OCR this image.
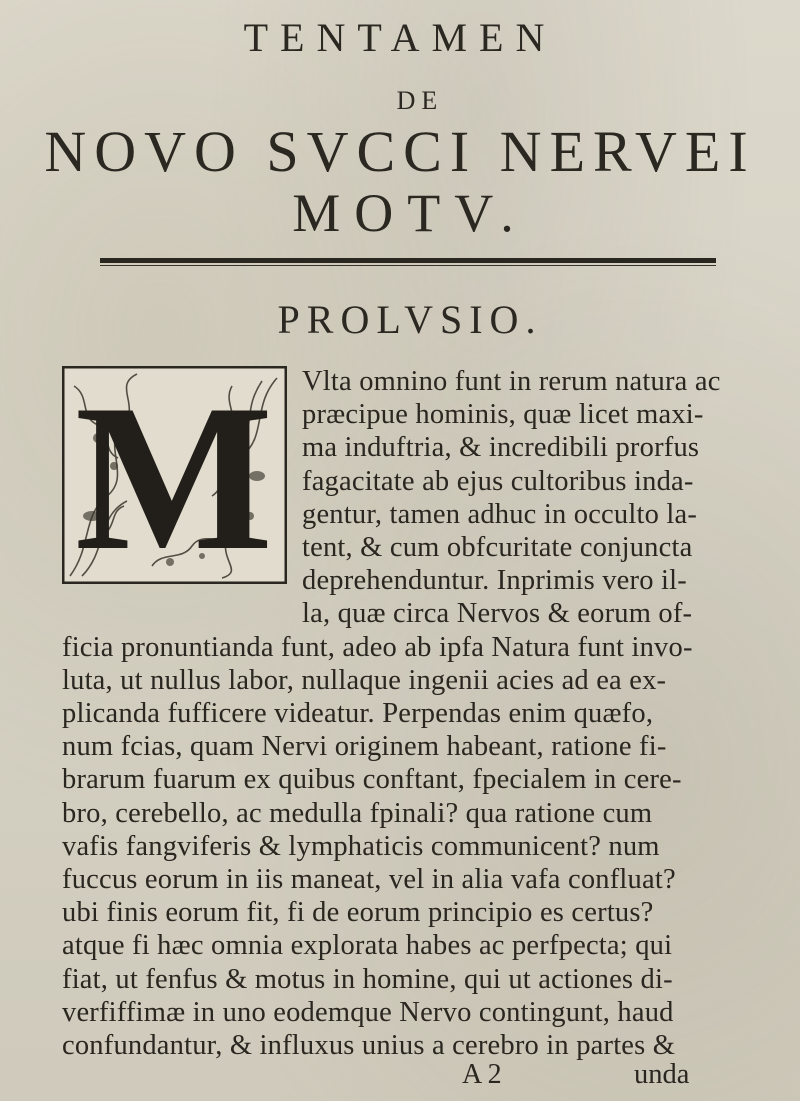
TENTAMEN
DE
NOVO SVCCI NERVEI
MOTV.
PROLVSIO.
M Vlta omnino funt in rerum natura ac
præcipue hominis, quæ licet maxi-
ma induftria, & incredibili prorfus
fagacitate ab ejus cultoribus inda-
gentur, tamen adhuc in occulto la-
tent, & cum obfcuritate conjuncta
deprehenduntur. Inprimis vero il-
la, quæ circa Nervos & eorum of-
ficia pronuntianda funt, adeo ab ipfa Natura funt invo-
luta, ut nullus labor, nullaque ingenii acies ad ea ex-
plicanda fufficere videatur. Perpendas enim quæfo,
num fcias, quam Nervi originem habeant, ratione fi-
brarum fuarum ex quibus conftant, fpecialem in cere-
bro, cerebello, ac medulla fpinali? qua ratione cum
vafis fangviferis & lymphaticis communicent? num
fuccus eorum in iis maneat, vel in alia vafa confluat?
ubi finis eorum fit, fi de eorum principio es certus?
atque fi hæc omnia explorata habes ac perfpecta; qui
fiat, ut fenfus & motus in homine, qui ut actiones di-
verfiffimæ in uno eodemque Nervo contingunt, haud
confundantur, & influxus unius a cerebro in partes &
A 2	unda
